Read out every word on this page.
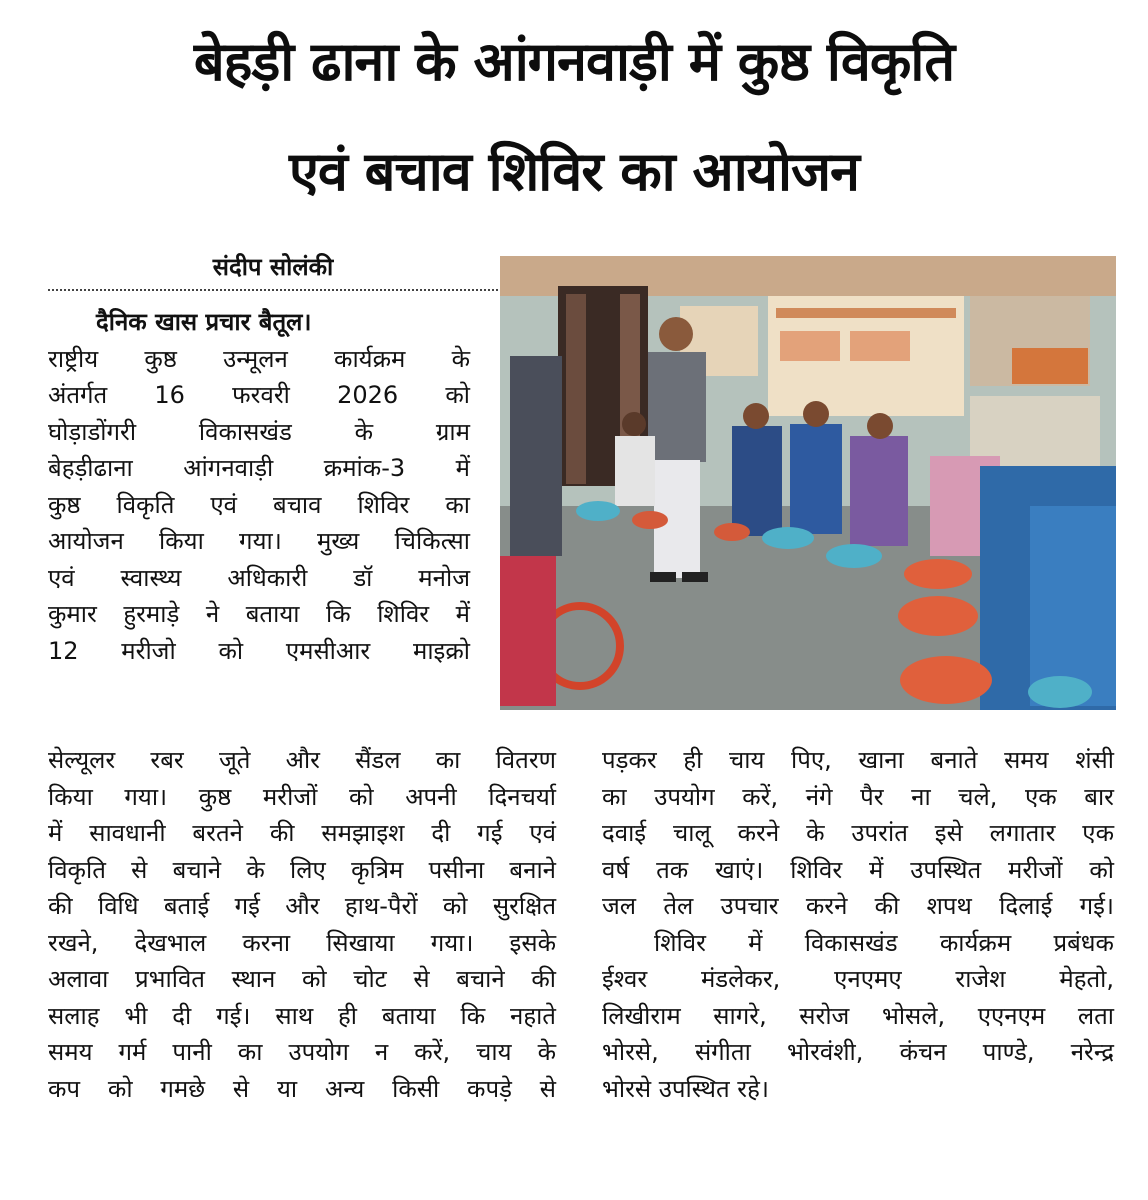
बेहड़ी ढाना के आंगनवाड़ी में कुष्ठ विकृति
एवं बचाव शिविर का आयोजन
संदीप सोलंकी

दैनिक खास प्रचार बैतूल।

राष्ट्रीय कुष्ठ उन्मूलन कार्यक्रम के

अंतर्गत 16 फरवरी 2026 को

घोड़ाडोंगरी विकासखंड के ग्राम

बेहड़ीढाना आंगनवाड़ी क्रमांक-3 में

कुष्ठ विकृति एवं बचाव शिविर का

आयोजन किया गया। मुख्य चिकित्सा

एवं स्वास्थ्य अधिकारी डॉ मनोज

कुमार हुरमाड़े ने बताया कि शिविर में

12 मरीजो को एमसीआर माइक्रो

सेल्यूलर रबर जूते और सैंडल का वितरण

किया गया। कुष्ठ मरीजों को अपनी दिनचर्या

में सावधानी बरतने की समझाइश दी गई एवं

विकृति से बचाने के लिए कृत्रिम पसीना बनाने

की विधि बताई गई और हाथ-पैरों को सुरक्षित

रखने, देखभाल करना सिखाया गया। इसके

अलावा प्रभावित स्थान को चोट से बचाने की

सलाह भी दी गई। साथ ही बताया कि नहाते

समय गर्म पानी का उपयोग न करें, चाय के

कप को गमछे से या अन्य किसी कपड़े से

पड़कर ही चाय पिए, खाना बनाते समय शंसी

का उपयोग करें, नंगे पैर ना चले, एक बार

दवाई चालू करने के उपरांत इसे लगातार एक

वर्ष तक खाएं। शिविर में उपस्थित मरीजों को

जल तेल उपचार करने की शपथ दिलाई गई।

शिविर में विकासखंड कार्यक्रम प्रबंधक

ईश्वर मंडलेकर, एनएमए राजेश मेहतो,

लिखीराम सागरे, सरोज भोसले, एएनएम लता

भोरसे, संगीता भोरवंशी, कंचन पाण्डे, नरेन्द्र

भोरसे उपस्थित रहे।
